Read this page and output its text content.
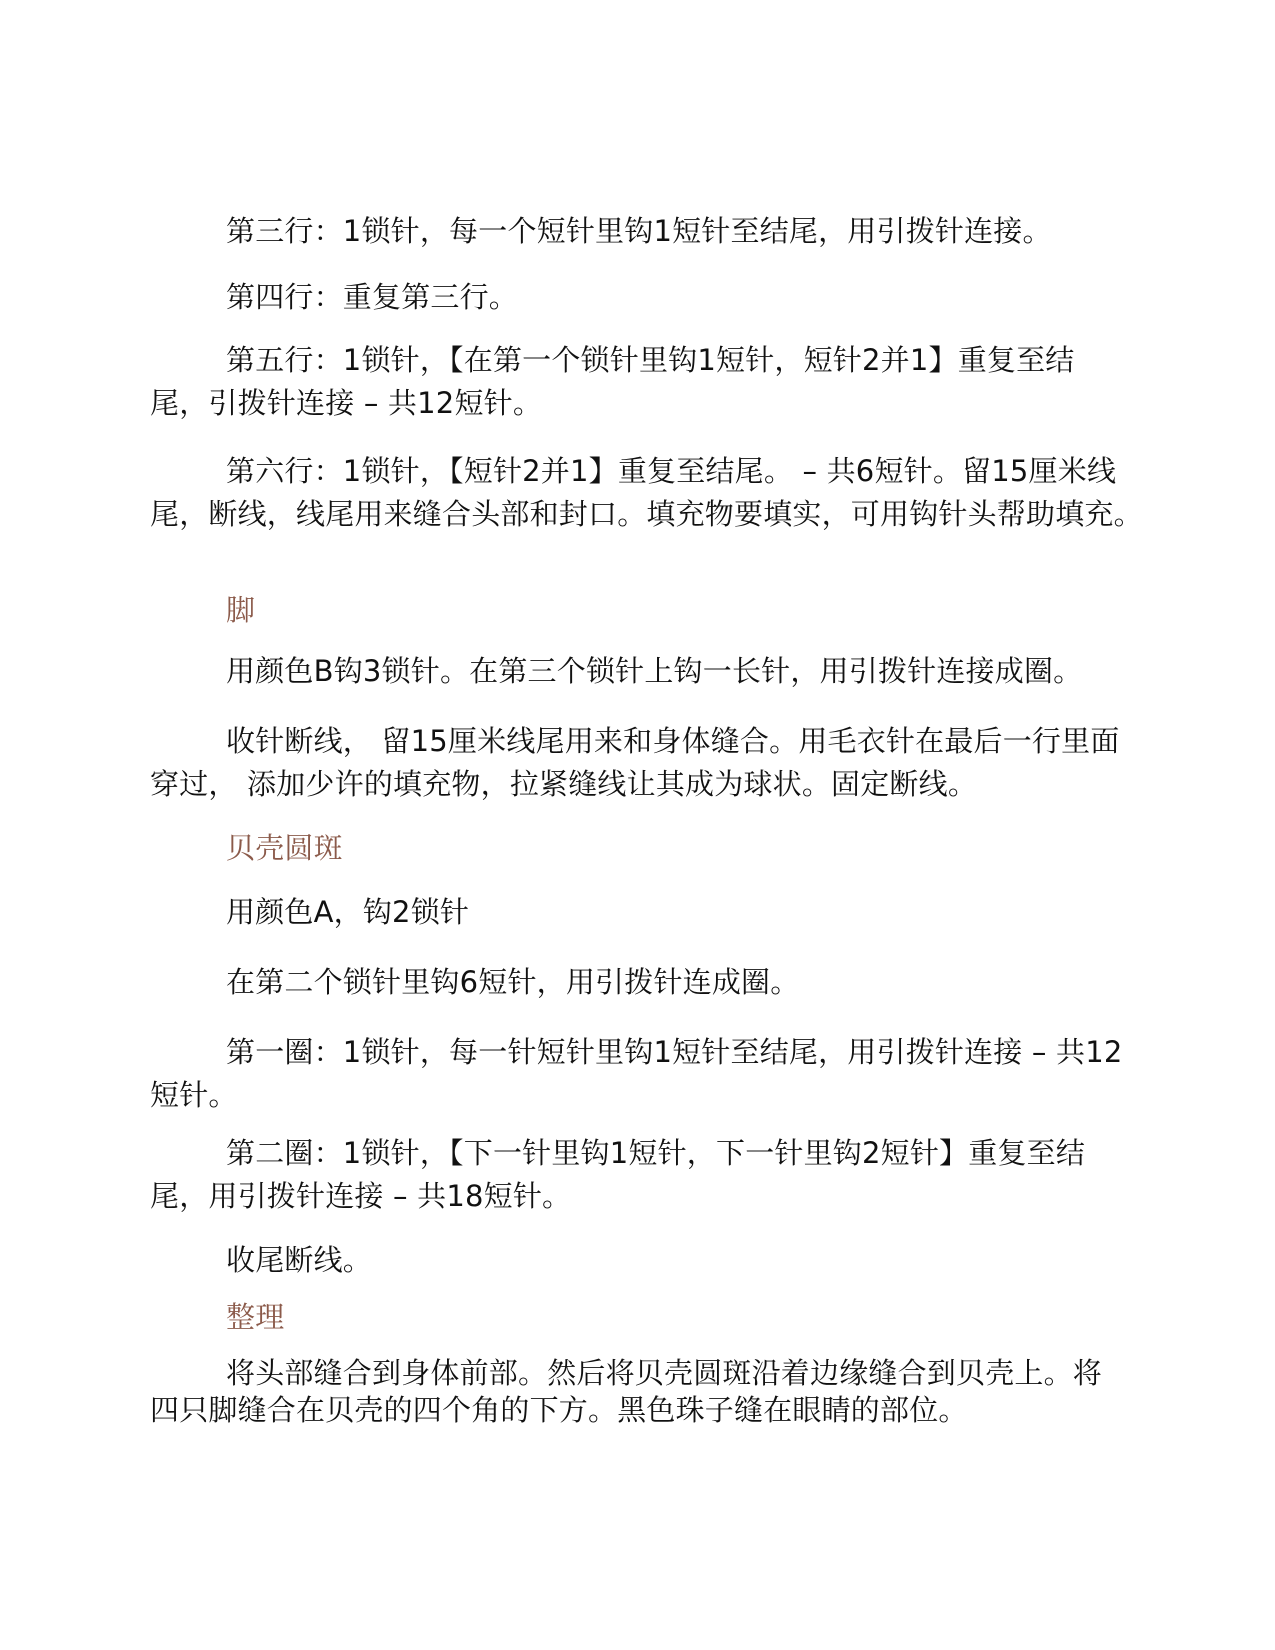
第三行：1锁针，每一个短针里钩1短针至结尾，用引拨针连接。

第四行：重复第三行。

第五行：1锁针，【在第一个锁针里钩1短针，短针2并1】重复至结
尾，引拨针连接 – 共12短针。

第六行：1锁针，【短针2并1】重复至结尾。 – 共6短针。留15厘米线
尾，断线，线尾用来缝合头部和封口。填充物要填实，可用钩针头帮助填充。

脚

用颜色B钩3锁针。在第三个锁针上钩一长针，用引拨针连接成圈。

收针断线， 留15厘米线尾用来和身体缝合。用毛衣针在最后一行里面
穿过， 添加少许的填充物，拉紧缝线让其成为球状。固定断线。

贝壳圆斑

用颜色A，钩2锁针

在第二个锁针里钩6短针，用引拨针连成圈。

第一圈：1锁针，每一针短针里钩1短针至结尾，用引拨针连接 – 共12
短针。

第二圈：1锁针，【下一针里钩1短针，下一针里钩2短针】重复至结
尾，用引拨针连接 – 共18短针。

收尾断线。

整理

将头部缝合到身体前部。然后将贝壳圆斑沿着边缘缝合到贝壳上。将
四只脚缝合在贝壳的四个角的下方。黑色珠子缝在眼睛的部位。
